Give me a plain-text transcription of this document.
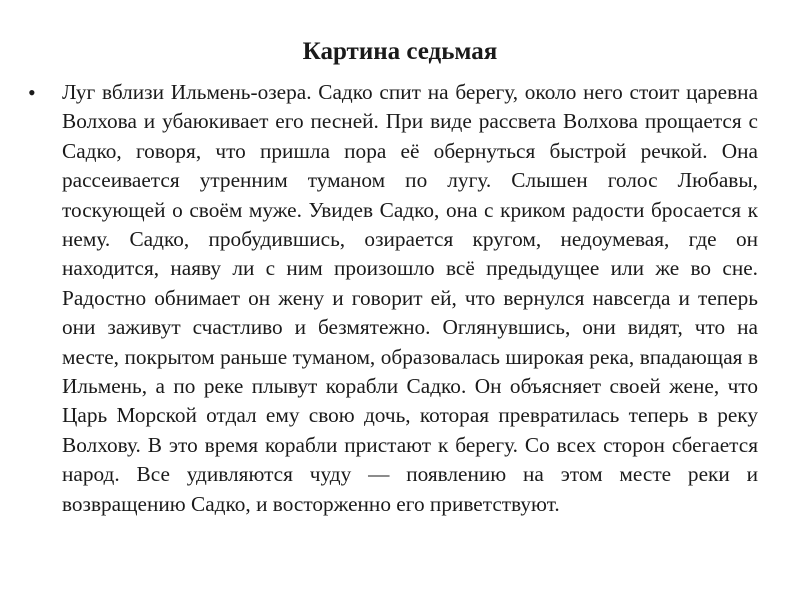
Картина седьмая
•	Луг вблизи Ильмень-озера. Садко спит на берегу, около него стоит царевна Волхова и убаюкивает его песней. При виде рассвета Волхова прощается с Садко, говоря, что пришла пора её обернуться быстрой речкой. Она рассеивается утренним туманом по лугу. Слышен голос Любавы, тоскующей о своём муже. Увидев Садко, она с криком радости бросается к нему. Садко, пробудившись, озирается кругом, недоумевая, где он находится, наяву ли с ним произошло всё предыдущее или же во сне. Радостно обнимает он жену и говорит ей, что вернулся навсегда и теперь они заживут счастливо и безмятежно. Оглянувшись, они видят, что на месте, покрытом раньше туманом, образовалась широкая река, впадающая в Ильмень, а по реке плывут корабли Садко. Он объясняет своей жене, что Царь Морской отдал ему свою дочь, которая превратилась теперь в реку Волхову. В это время корабли пристают к берегу. Со всех сторон сбегается народ. Все удивляются чуду — появлению на этом месте реки и возвращению Садко, и восторженно его приветствуют.
